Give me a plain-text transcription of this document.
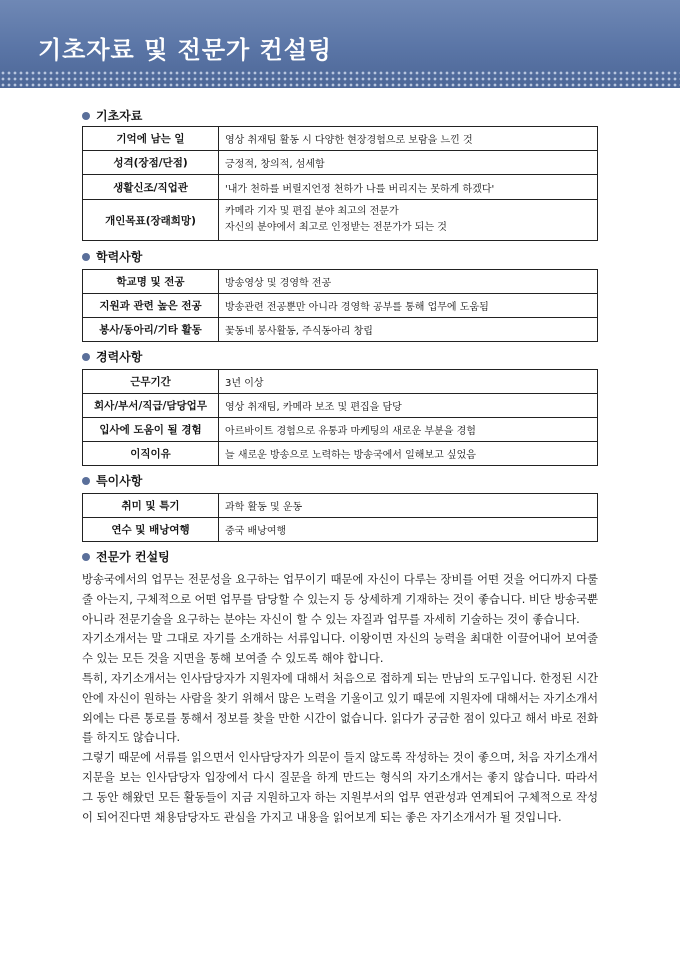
기초자료 및 전문가 컨설팅
기초자료
기억에 남는 일	영상 취재팀 활동 시 다양한 현장경험으로 보람을 느낀 것
성격(장점/단점)	긍정적, 창의적, 섬세함
생활신조/직업관	'내가 천하를 버릴지언정 천하가 나를 버리지는 못하게 하겠다'
개인목표(장래희망)	카메라 기자 및 편집 분야 최고의 전문가
자신의 분야에서 최고로 인정받는 전문가가 되는 것
학력사항
학교명 및 전공	방송영상 및 경영학 전공
지원과 관련 높은 전공	방송관련 전공뿐만 아니라 경영학 공부를 통해 업무에 도움됨
봉사/동아리/기타 활동	꽃동네 봉사활동, 주식동아리 창립
경력사항
근무기간	3년 이상
회사/부서/직급/담당업무	영상 취재팀, 카메라 보조 및 편집을 담당
입사에 도움이 될 경험	아르바이트 경험으로 유통과 마케팅의 새로운 부분을 경험
이직이유	늘 새로운 방송으로 노력하는 방송국에서 일해보고 싶었음
특이사항
취미 및 특기	과학 활동 및 운동
연수 및 배낭여행	중국 배낭여행
전문가 컨설팅

방송국에서의 업무는 전문성을 요구하는 업무이기 때문에 자신이 다루는 장비를 어떤 것을 어디까지 다룰 줄 아는지, 구체적으로 어떤 업무를 담당할 수 있는지 등 상세하게 기재하는 것이 좋습니다. 비단 방송국뿐 아니라 전문기술을 요구하는 분야는 자신이 할 수 있는 자질과 업무를 자세히 기술하는 것이 좋습니다.

자기소개서는 말 그대로 자기를 소개하는 서류입니다. 이왕이면 자신의 능력을 최대한 이끌어내어 보여줄 수 있는 모든 것을 지면을 통해 보여줄 수 있도록 해야 합니다.

특히, 자기소개서는 인사담당자가 지원자에 대해서 처음으로 접하게 되는 만남의 도구입니다. 한정된 시간 안에 자신이 원하는 사람을 찾기 위해서 많은 노력을 기울이고 있기 때문에 지원자에 대해서는 자기소개서 외에는 다른 통로를 통해서 정보를 찾을 만한 시간이 없습니다. 읽다가 궁금한 점이 있다고 해서 바로 전화를 하지도 않습니다.

그렇기 때문에 서류를 읽으면서 인사담당자가 의문이 들지 않도록 작성하는 것이 좋으며, 처음 자기소개서 지문을 보는 인사담당자 입장에서 다시 질문을 하게 만드는 형식의 자기소개서는 좋지 않습니다. 따라서 그 동안 해왔던 모든 활동들이 지금 지원하고자 하는 지원부서의 업무 연관성과 연계되어 구체적으로 작성이 되어진다면 채용담당자도 관심을 가지고 내용을 읽어보게 되는 좋은 자기소개서가 될 것입니다.
